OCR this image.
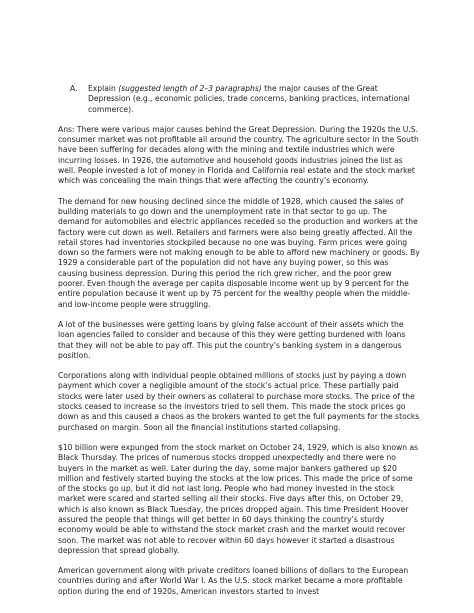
A.	Explain (suggested length of 2–3 paragraphs) the major causes of the Great Depression (e.g., economic policies, trade concerns, banking practices, international commerce).

Ans: There were various major causes behind the Great Depression. During the 1920s the U.S. consumer market was not profitable all around the country. The agriculture sector in the South have been suffering for decades along with the mining and textile industries which were incurring losses. In 1926, the automotive and household goods industries joined the list as well. People invested a lot of money in Florida and California real estate and the stock market which was concealing the main things that were affecting the country’s economy.

The demand for new housing declined since the middle of 1928, which caused the sales of building materials to go down and the unemployment rate in that sector to go up. The demand for automobiles and electric appliances receded so the production and workers at the factory were cut down as well. Retailers and farmers were also being greatly affected. All the retail stores had inventories stockpiled because no one was buying. Farm prices were going down so the farmers were not making enough to be able to afford new machinery or goods. By 1929 a considerable part of the population did not have any buying power, so this was causing business depression. During this period the rich grew richer, and the poor grew poorer. Even though the average per capita disposable income went up by 9 percent for the entire population because it went up by 75 percent for the wealthy people when the middle- and low-income people were struggling.

A lot of the businesses were getting loans by giving false account of their assets which the loan agencies failed to consider and because of this they were getting burdened with loans that they will not be able to pay off. This put the country’s banking system in a dangerous position.

Corporations along with individual people obtained millions of stocks just by paying a down payment which cover a negligible amount of the stock’s actual price. These partially paid stocks were later used by their owners as collateral to purchase more stocks. The price of the stocks ceased to increase so the investors tried to sell them. This made the stock prices go down as and this caused a chaos as the brokers wanted to get the full payments for the stocks purchased on margin. Soon all the financial institutions started collapsing.

$10 billion were expunged from the stock market on October 24, 1929, which is also known as Black Thursday. The prices of numerous stocks dropped unexpectedly and there were no buyers in the market as well. Later during the day, some major bankers gathered up $20 million and festively started buying the stocks at the low prices. This made the price of some of the stocks go up, but it did not last long. People who had money invested in the stock market were scared and started selling all their stocks. Five days after this, on October 29, which is also known as Black Tuesday, the prices dropped again. This time President Hoover assured the people that things will get better in 60 days thinking the country’s sturdy economy would be able to withstand the stock market crash and the market would recover soon. The market was not able to recover within 60 days however it started a disastrous depression that spread globally.

American government along with private creditors loaned billions of dollars to the European countries during and after World War I. As the U.S. stock market became a more profitable option during the end of 1920s, American investors started to invest
